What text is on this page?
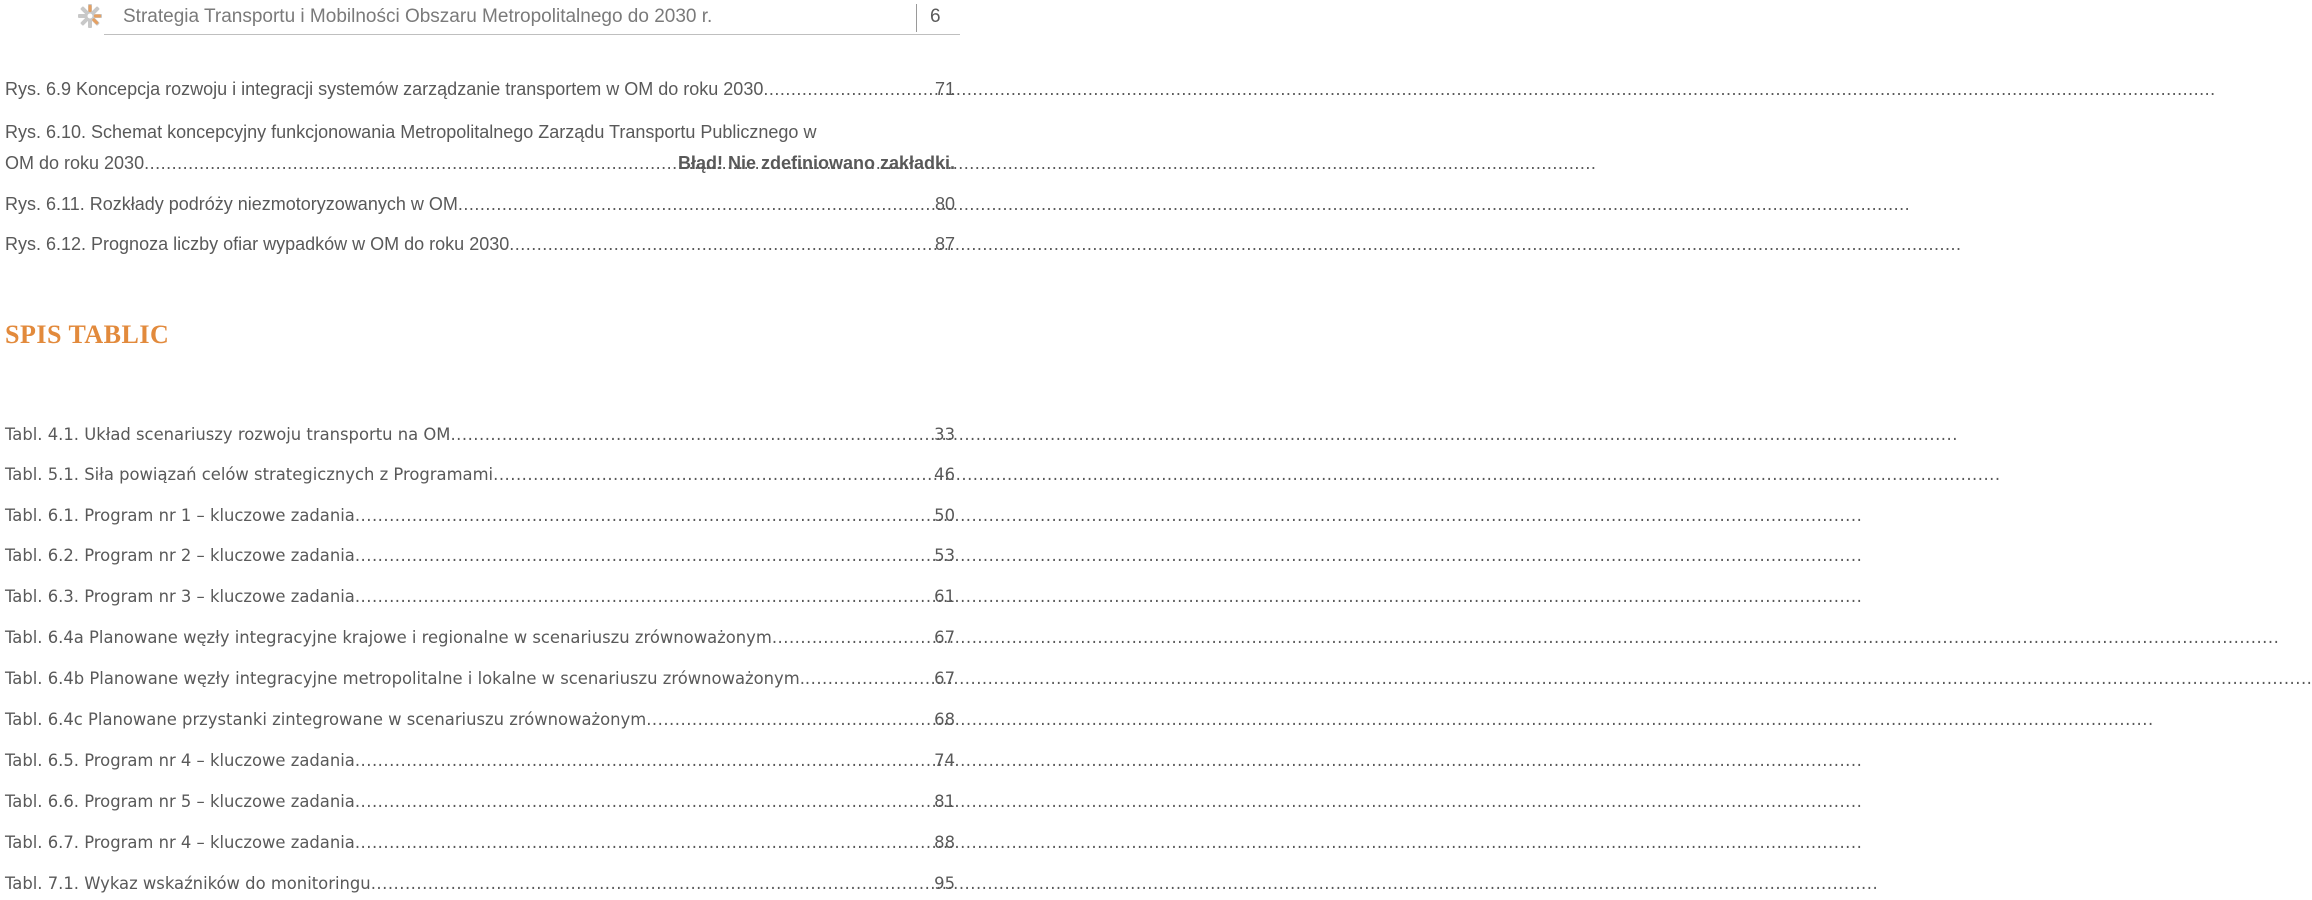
Strategia Transportu i Mobilności Obszaru Metropolitalnego do 2030 r.	6
Rys. 6.9 Koncepcja rozwoju i integracji systemów zarządzanie transportem w OM do roku 2030 .....	71
Rys. 6.10. Schemat koncepcyjny funkcjonowania Metropolitalnego Zarządu Transportu Publicznego w
OM do roku 2030 .....	Błąd! Nie zdefiniowano zakładki.
Rys. 6.11. Rozkłady podróży niezmotoryzowanych w OM .....	80
Rys. 6.12. Prognoza liczby ofiar wypadków w OM do roku 2030 .....	87
SPIS TABLIC
Tabl. 4.1. Układ scenariuszy rozwoju transportu na OM .....	33
Tabl. 5.1. Siła powiązań celów strategicznych z Programami .....	46
Tabl. 6.1. Program nr 1 – kluczowe zadania .....	50
Tabl. 6.2. Program nr 2 – kluczowe zadania .....	53
Tabl. 6.3. Program nr 3 – kluczowe zadania .....	61
Tabl. 6.4a Planowane węzły integracyjne krajowe i regionalne w scenariuszu zrównoważonym .....	67
Tabl. 6.4b Planowane węzły integracyjne metropolitalne i lokalne w scenariuszu zrównoważonym. .....	67
Tabl. 6.4c Planowane przystanki zintegrowane w scenariuszu zrównoważonym .....	68
Tabl. 6.5. Program nr 4 – kluczowe zadania .....	74
Tabl. 6.6. Program nr 5 – kluczowe zadania .....	81
Tabl. 6.7. Program nr 4 – kluczowe zadania .....	88
Tabl. 7.1. Wykaz wskaźników do monitoringu .....	95
